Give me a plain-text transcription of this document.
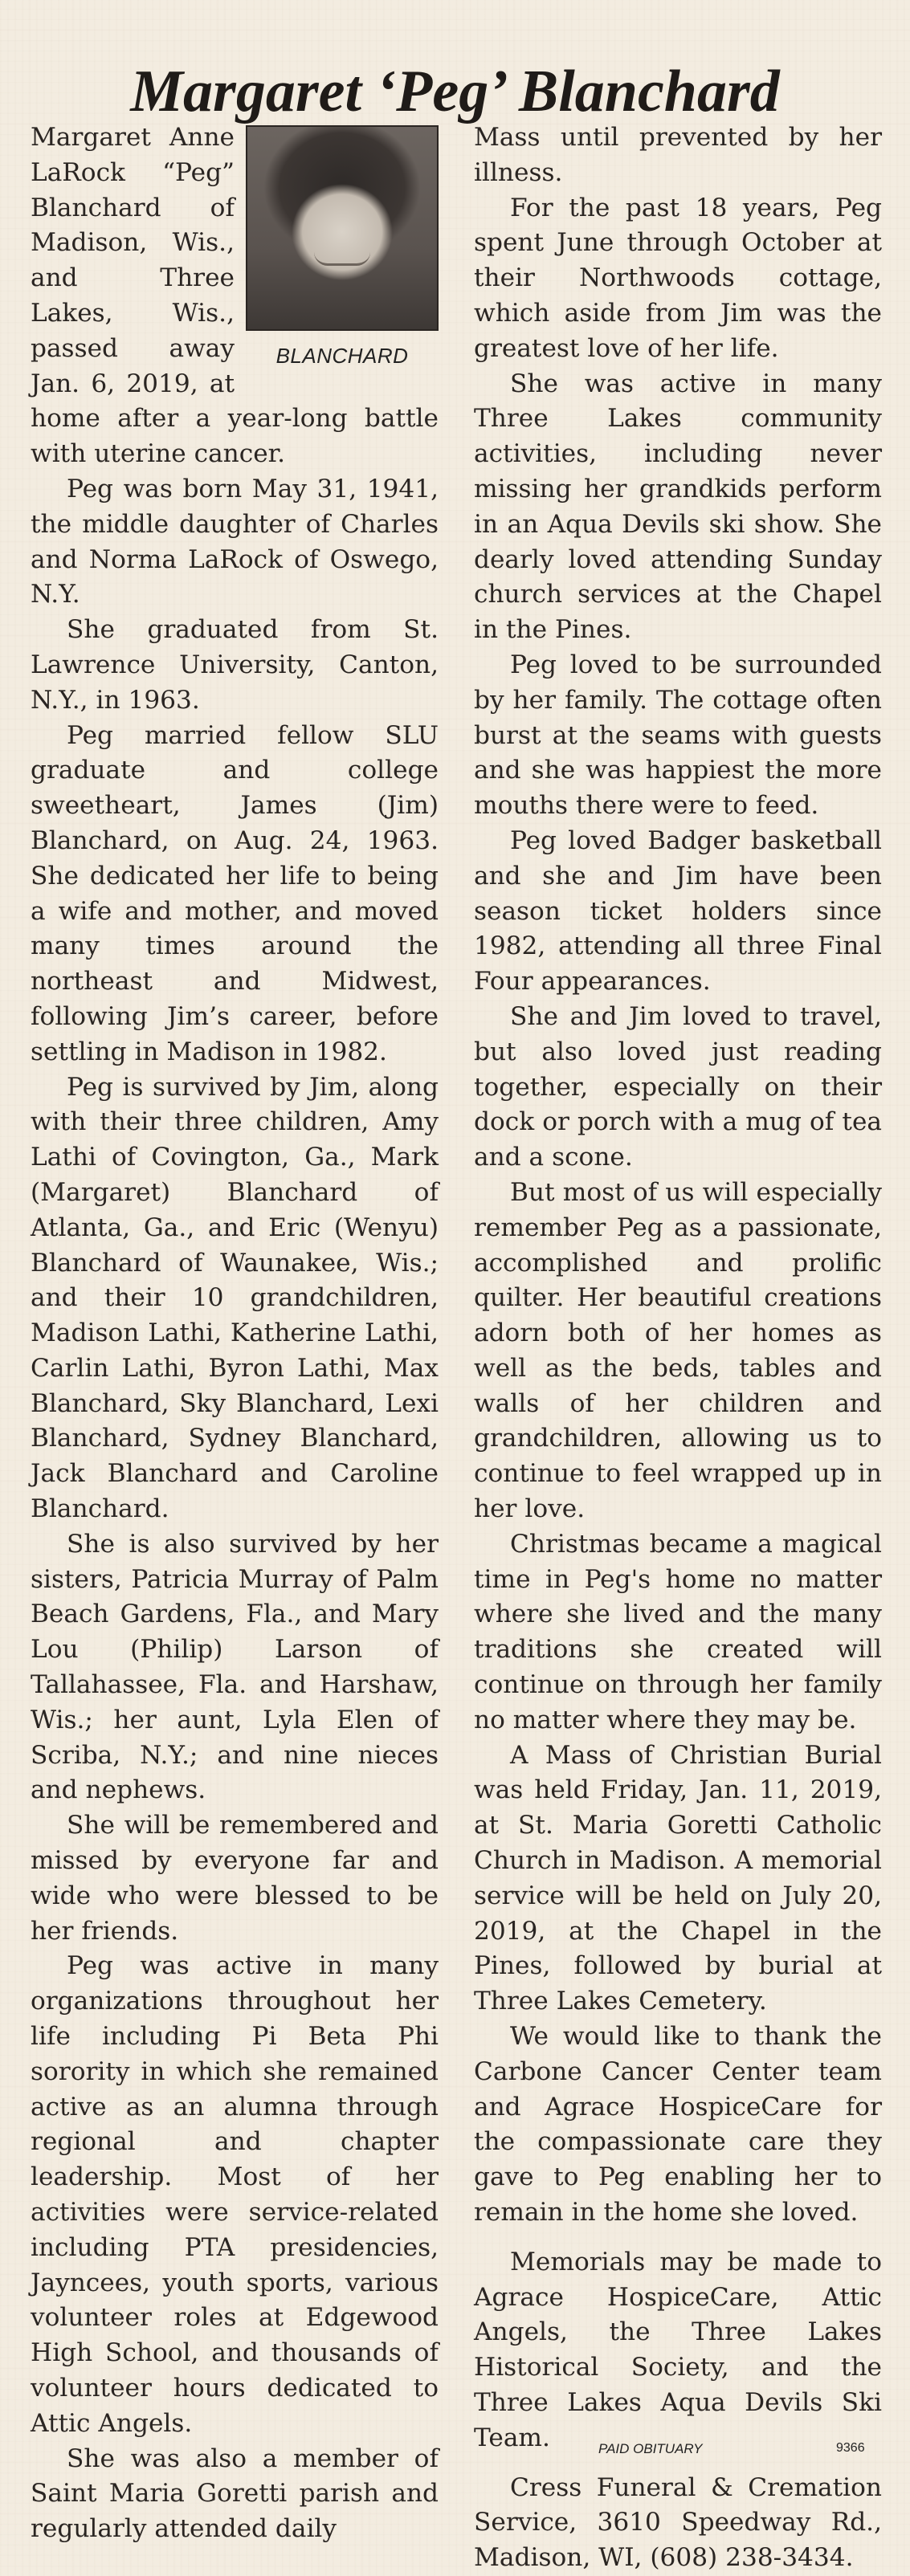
Margaret ‘Peg’ Blanchard
BLANCHARD

Margaret Anne LaRock “Peg” Blanchard of Madison, Wis., and Three Lakes, Wis., passed away Jan. 6, 2019, at home after a year-long battle with uterine cancer.

Peg was born May 31, 1941, the middle daughter of Charles and Norma LaRock of Oswego, N.Y.

She graduated from St. Lawrence University, Canton, N.Y., in 1963.

Peg married fellow SLU graduate and college sweetheart, James (Jim) Blanchard, on Aug. 24, 1963. She dedicated her life to being a wife and mother, and moved many times around the northeast and Midwest, following Jim’s career, before settling in Madison in 1982.

Peg is survived by Jim, along with their three children, Amy Lathi of Covington, Ga., Mark (Margaret) Blanchard of Atlanta, Ga., and Eric (Wenyu) Blanchard of Waunakee, Wis.; and their 10 grandchildren, Madison Lathi, Katherine Lathi, Carlin Lathi, Byron Lathi, Max Blanchard, Sky Blanchard, Lexi Blanchard, Sydney Blanchard, Jack Blanchard and Caroline Blanchard.

She is also survived by her sisters, Patricia Murray of Palm Beach Gardens, Fla., and Mary Lou (Philip) Larson of Tallahassee, Fla. and Harshaw, Wis.; her aunt, Lyla Elen of Scriba, N.Y.; and nine nieces and nephews.

She will be remembered and missed by everyone far and wide who were blessed to be her friends.

Peg was active in many organizations throughout her life including Pi Beta Phi sorority in which she remained active as an alumna through regional and chapter leadership. Most of her activities were service-related including PTA presidencies, Jayncees, youth sports, various volunteer roles at Edgewood High School, and thousands of volunteer hours dedicated to Attic Angels.

She was also a member of Saint Maria Goretti parish and regularly attended daily

Mass until prevented by her illness.

For the past 18 years, Peg spent June through October at their Northwoods cottage, which aside from Jim was the greatest love of her life.

She was active in many Three Lakes community activities, including never missing her grandkids perform in an Aqua Devils ski show. She dearly loved attending Sunday church services at the Chapel in the Pines.

Peg loved to be surrounded by her family. The cottage often burst at the seams with guests and she was happiest the more mouths there were to feed.

Peg loved Badger basketball and she and Jim have been season ticket holders since 1982, attending all three Final Four appearances.

She and Jim loved to travel, but also loved just reading together, especially on their dock or porch with a mug of tea and a scone.

But most of us will especially remember Peg as a passionate, accomplished and prolific quilter. Her beautiful creations adorn both of her homes as well as the beds, tables and walls of her children and grandchildren, allowing us to continue to feel wrapped up in her love.

Christmas became a magical time in Peg's home no matter where she lived and the many traditions she created will continue on through her family no matter where they may be.

A Mass of Christian Burial was held Friday, Jan. 11, 2019, at St. Maria Goretti Catholic Church in Madison. A memorial service will be held on July 20, 2019, at the Chapel in the Pines, followed by burial at Three Lakes Cemetery.

We would like to thank the Carbone Cancer Center team and Agrace HospiceCare for the compassionate care they gave to Peg enabling her to remain in the home she loved.

Memorials may be made to Agrace HospiceCare, Attic Angels, the Three Lakes Historical Society, and the Three Lakes Aqua Devils Ski Team.

Cress Funeral & Cremation Service, 3610 Speedway Rd., Madison, WI, (608) 238-3434.

PAID OBITUARY	9366
